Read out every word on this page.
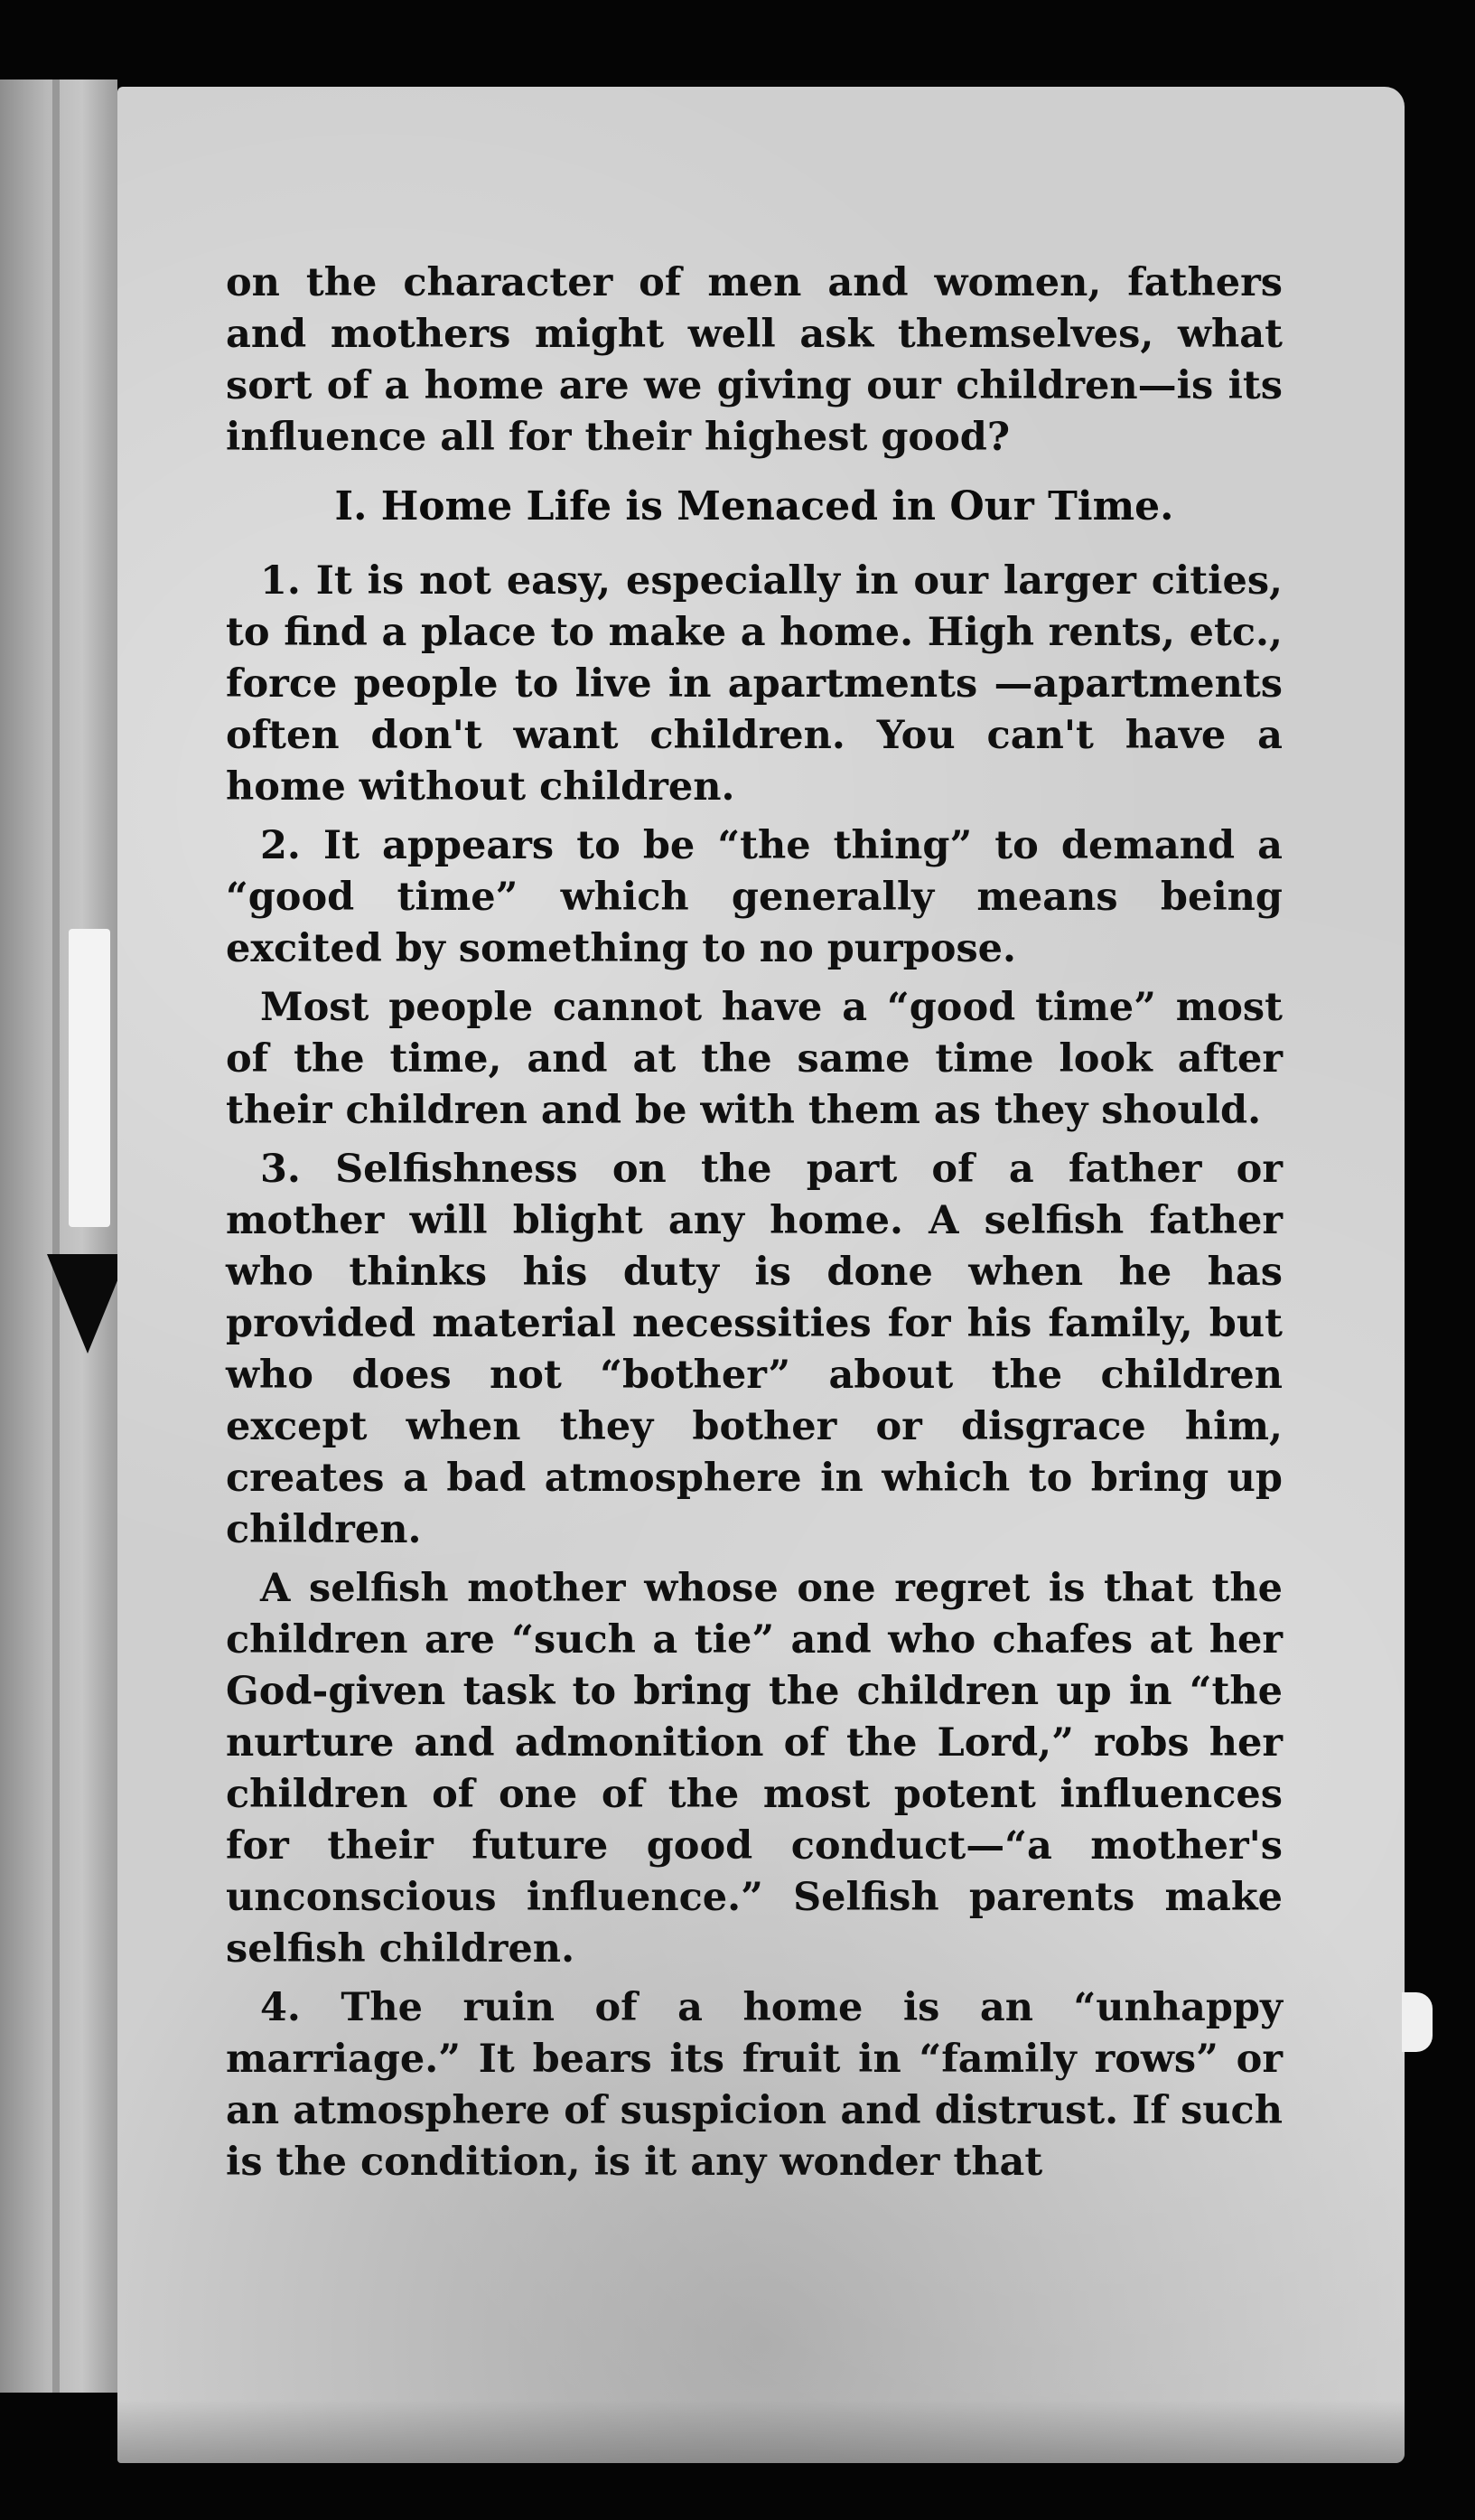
on the character of men and women, fathers and mothers might well ask themselves, what sort of a home are we giving our children—is its influence all for their highest good?

I. Home Life is Menaced in Our Time.

1. It is not easy, especially in our larger cities, to find a place to make a home. High rents, etc., force people to live in apartments —apartments often don't want children. You can't have a home without children.

2. It appears to be “the thing” to demand a “good time” which generally means being excited by something to no purpose.

Most people cannot have a “good time” most of the time, and at the same time look after their children and be with them as they should.

3. Selfishness on the part of a father or mother will blight any home. A selfish father who thinks his duty is done when he has provided material necessities for his family, but who does not “bother” about the children except when they bother or disgrace him, creates a bad atmosphere in which to bring up children.

A selfish mother whose one regret is that the children are “such a tie” and who chafes at her God-given task to bring the children up in “the nurture and admonition of the Lord,” robs her children of one of the most potent influences for their future good conduct—“a mother's unconscious influence.” Selfish parents make selfish children.

4. The ruin of a home is an “unhappy marriage.” It bears its fruit in “family rows” or an atmosphere of suspicion and distrust. If such is the condition, is it any wonder that
